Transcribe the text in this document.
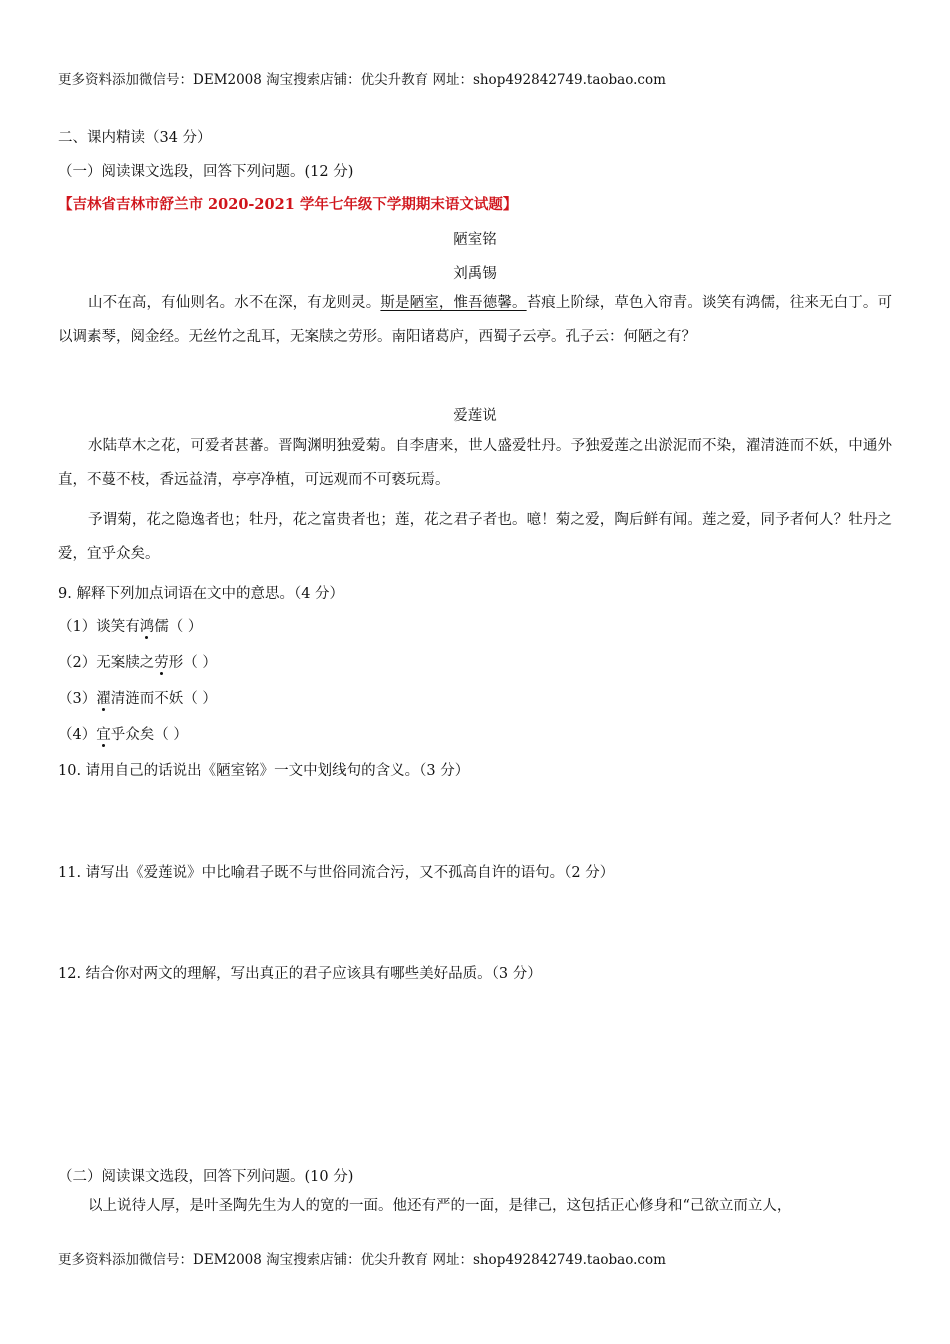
更多资料添加微信号：DEM2008 淘宝搜索店铺：优尖升教育 网址：shop492842749.taobao.com
二、课内精读（34 分）
（一）阅读课文选段，回答下列问题。(12 分)
【吉林省吉林市舒兰市 2020-2021 学年七年级下学期期末语文试题】
陋室铭
刘禹锡
山不在高，有仙则名。水不在深，有龙则灵。斯是陋室，惟吾德馨。苔痕上阶绿，草色入帘青。谈笑有鸿儒，往来无白丁。可以调素琴，阅金经。无丝竹之乱耳，无案牍之劳形。南阳诸葛庐，西蜀子云亭。孔子云：何陋之有？
爱莲说
水陆草木之花，可爱者甚蕃。晋陶渊明独爱菊。自李唐来，世人盛爱牡丹。予独爱莲之出淤泥而不染，濯清涟而不妖，中通外直，不蔓不枝，香远益清，亭亭净植，可远观而不可亵玩焉。
予谓菊，花之隐逸者也；牡丹，花之富贵者也；莲，花之君子者也。噫！菊之爱，陶后鲜有闻。莲之爱，同予者何人？牡丹之爱，宜乎众矣。
9. 解释下列加点词语在文中的意思。（4 分）
（1）谈笑有鸿儒（ ）
（2）无案牍之劳形（ ）
（3）濯清涟而不妖（ ）
（4）宜乎众矣（ ）
10. 请用自己的话说出《陋室铭》一文中划线句的含义。（3 分）
11. 请写出《爱莲说》中比喻君子既不与世俗同流合污，又不孤高自许的语句。（2 分）
12. 结合你对两文的理解，写出真正的君子应该具有哪些美好品质。（3 分）
（二）阅读课文选段，回答下列问题。(10 分)
以上说待人厚，是叶圣陶先生为人的宽的一面。他还有严的一面，是律己，这包括正心修身和“己欲立而立人，
更多资料添加微信号：DEM2008 淘宝搜索店铺：优尖升教育 网址：shop492842749.taobao.com
